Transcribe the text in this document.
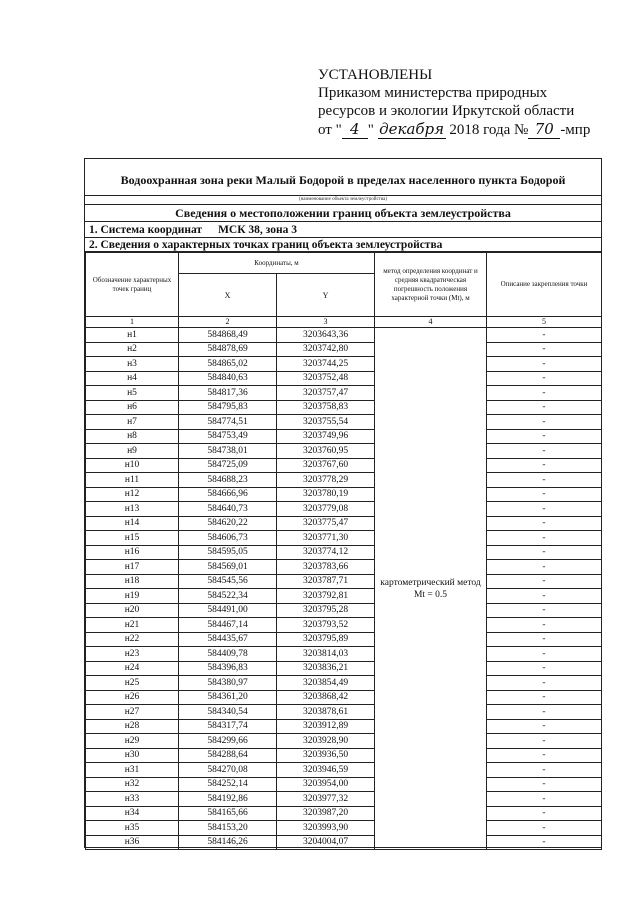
УСТАНОВЛЕНЫ
Приказом министерства природных
ресурсов и экологии Иркутской области
от " 4 " декабря 2018 года № 70 -мпр
Водоохранная зона реки Малый Бодорой в пределах населенного пункта Бодорой
(наименование объекта землеустройства)
Сведения о местоположении границ объекта землеустройства
1. Система координат МСК 38, зона 3
2. Сведения о характерных точках границ объекта землеустройства
Обозначение характерных точек границ	Координаты, м		метод определения координат и средняя квадратическая погрешность положения характерной точки (Мt), м	Описание закрепления точки
	X	Y		
1	2	3	4	5
н1	584868,49	3203643,36	картометрический метод Mt = 0.5	-
н2	584878,69	3203742,80		-
н3	584865,02	3203744,25		-
н4	584840,63	3203752,48		-
н5	584817,36	3203757,47		-
н6	584795,83	3203758,83		-
н7	584774,51	3203755,54		-
н8	584753,49	3203749,96		-
н9	584738,01	3203760,95		-
н10	584725,09	3203767,60		-
н11	584688,23	3203778,29		-
н12	584666,96	3203780,19		-
н13	584640,73	3203779,08		-
н14	584620,22	3203775,47		-
н15	584606,73	3203771,30		-
н16	584595,05	3203774,12		-
н17	584569,01	3203783,66		-
н18	584545,56	3203787,71		-
н19	584522,34	3203792,81		-
н20	584491,00	3203795,28		-
н21	584467,14	3203793,52		-
н22	584435,67	3203795,89		-
н23	584409,78	3203814,03		-
н24	584396,83	3203836,21		-
н25	584380,97	3203854,49		-
н26	584361,20	3203868,42		-
н27	584340,54	3203878,61		-
н28	584317,74	3203912,89		-
н29	584299,66	3203928,90		-
н30	584288,64	3203936,50		-
н31	584270,08	3203946,59		-
н32	584252,14	3203954,00		-
н33	584192,86	3203977,32		-
н34	584165,66	3203987,20		-
н35	584153,20	3203993,90		-
н36	584146,26	3204004,07		-
